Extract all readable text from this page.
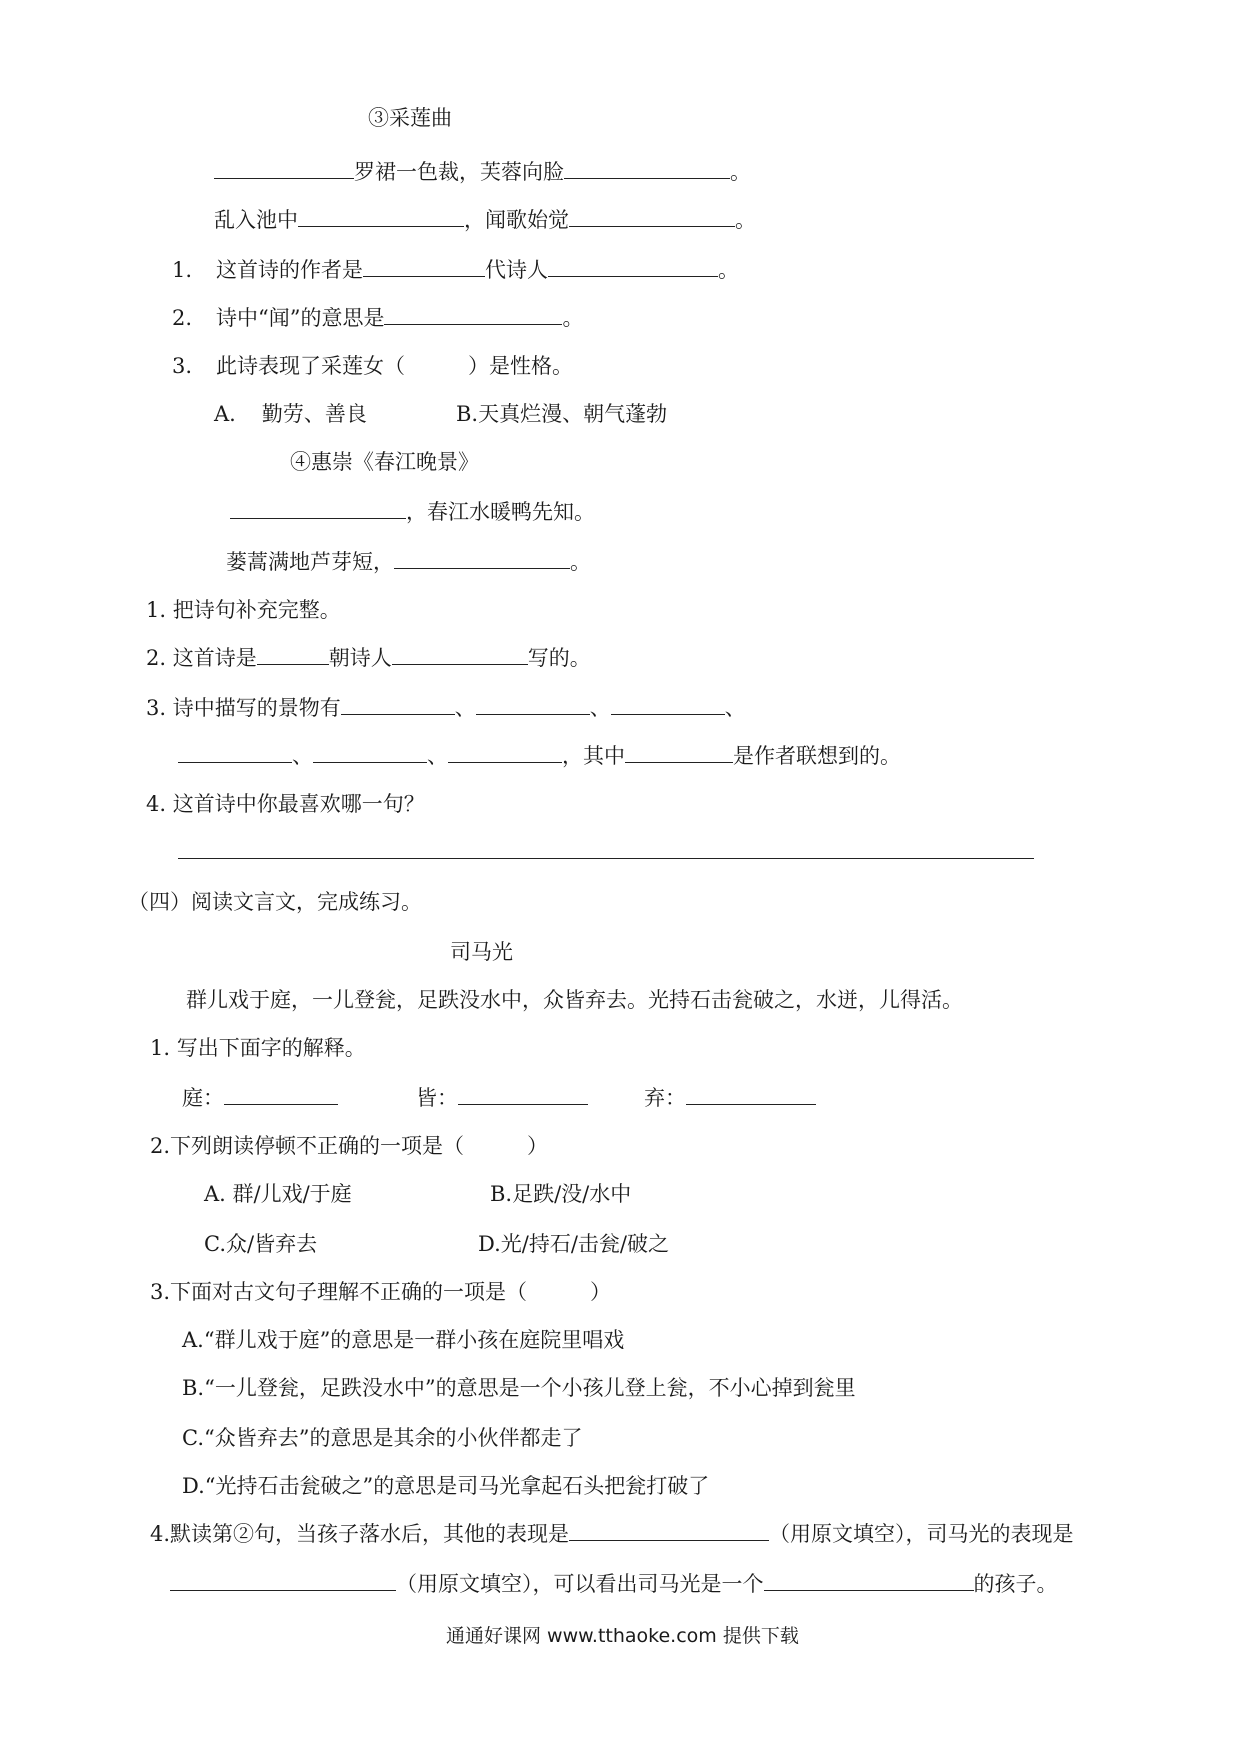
③采莲曲
罗裙一色裁，芙蓉向脸	。
乱入池中	，闻歌始觉	。
1. 这首诗的作者是	代诗人	。
2. 诗中“闻”的意思是	。
3. 此诗表现了采莲女（　　　）是性格。
A. 勤劳、善良	B.天真烂漫、朝气蓬勃
④惠崇《春江晚景》
，春江水暖鸭先知。
蒌蒿满地芦芽短，	。
1. 把诗句补充完整。
2. 这首诗是	朝诗人	写的。
3. 诗中描写的景物有	、	、	、
、	、	，其中	是作者联想到的。
4. 这首诗中你最喜欢哪一句？
（四）阅读文言文，完成练习。
司马光
群儿戏于庭，一儿登瓮，足跌没水中，众皆弃去。光持石击瓮破之，水迸，儿得活。
1. 写出下面字的解释。
庭：	皆：	弃：
2.下列朗读停顿不正确的一项是（　　　）
A. 群/儿戏/于庭	B.足跌/没/水中
C.众/皆弃去	D.光/持石/击瓮/破之
3.下面对古文句子理解不正确的一项是（　　　）
A.“群儿戏于庭”的意思是一群小孩在庭院里唱戏
B.“一儿登瓮，足跌没水中”的意思是一个小孩儿登上瓮，不小心掉到瓮里
C.“众皆弃去”的意思是其余的小伙伴都走了
D.“光持石击瓮破之”的意思是司马光拿起石头把瓮打破了
4.默读第②句，当孩子落水后，其他的表现是	（用原文填空），司马光的表现是
（用原文填空），可以看出司马光是一个	的孩子。
通通好课网 www.tthaoke.com 提供下载
